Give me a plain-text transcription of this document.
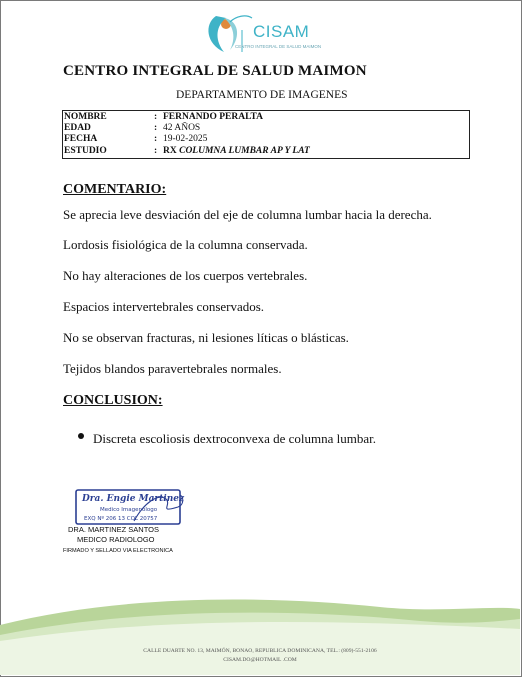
CISAM
CENTRO INTEGRAL DE SALUD MAIMON
CENTRO INTEGRAL DE SALUD MAIMON
DEPARTAMENTO DE IMAGENES
NOMBRE	: FERNANDO PERALTA
EDAD	: 42 AÑOS
FECHA	: 19-02-2025
ESTUDIO	: RX COLUMNA LUMBAR AP Y LAT
COMENTARIO:
Se aprecia leve desviación del eje de columna lumbar hacia la derecha.
Lordosis fisiológica de la columna conservada.
No hay alteraciones de los cuerpos vertebrales.
Espacios intervertebrales conservados.
No se observan fracturas, ni lesiones líticas o blásticas.
Tejidos blandos paravertebrales normales.
CONCLUSION:
Discreta escoliosis dextroconvexa de columna lumbar.
Dra. Engie Martinez
Medico Imagenologo
EXQ Nº 206 13 COL 20757
DRA. MARTINEZ SANTOS
MEDICO RADIOLOGO
FIRMADO Y SELLADO VIA ELECTRONICA
CALLE DUARTE NO. 13, MAIMÓN, BONAO, REPUBLICA DOMINICANA, TEL.: (809)-551-2106
CISAM.DO@HOTMAIL .COM
